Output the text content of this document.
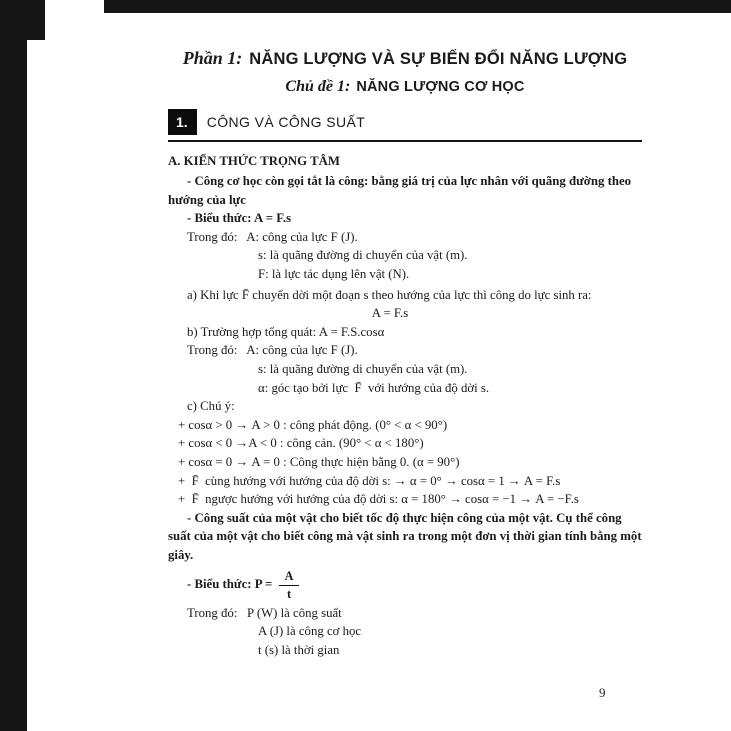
Phần 1: NĂNG LƯỢNG VÀ SỰ BIẾN ĐỔI NĂNG LƯỢNG
Chủ đề 1: NĂNG LƯỢNG CƠ HỌC
1.	CÔNG VÀ CÔNG SUẤT
A. KIẾN THỨC TRỌNG TÂM
- Công cơ học còn gọi tắt là công: bằng giá trị của lực nhân với quãng đường theo hướng của lực
- Biểu thức: A = F.s
Trong đó:   A: công của lực F (J).
s: là quãng đường di chuyển của vật (m).
F: là lực tác dụng lên vật (N).
a) Khi lực F̄ chuyển dời một đoạn s theo hướng của lực thì công do lực sinh ra:
A = F.s
b) Trường hợp tổng quát: A = F.S.cosα
Trong đó:   A: công của lực F (J).
s: là quãng đường di chuyển của vật (m).
α: góc tạo bởi lực  F̄  với hướng của độ dời s.
c) Chú ý:
+ cosα > 0 → A > 0 : công phát động. (0° < α < 90°)
+ cosα < 0 →A < 0 : công cản. (90° < α < 180°)
+ cosα = 0 → A = 0 : Công thực hiện bằng 0. (α = 90°)
+  F̄  cùng hướng với hướng của độ dời s: → α = 0° → cosα = 1 → A = F.s
+  F̄  ngược hướng với hướng của độ dời s: α = 180° → cosα = −1 → A = −F.s
- Công suất của một vật cho biết tốc độ thực hiện công của một vật. Cụ thể công suất của một vật cho biết công mà vật sinh ra trong một đơn vị thời gian tính bằng một giây.
- Biểu thức: $P = \frac{A}{t}$
Trong đó:   P (W) là công suất
A (J) là công cơ học
t (s) là thời gian
9
